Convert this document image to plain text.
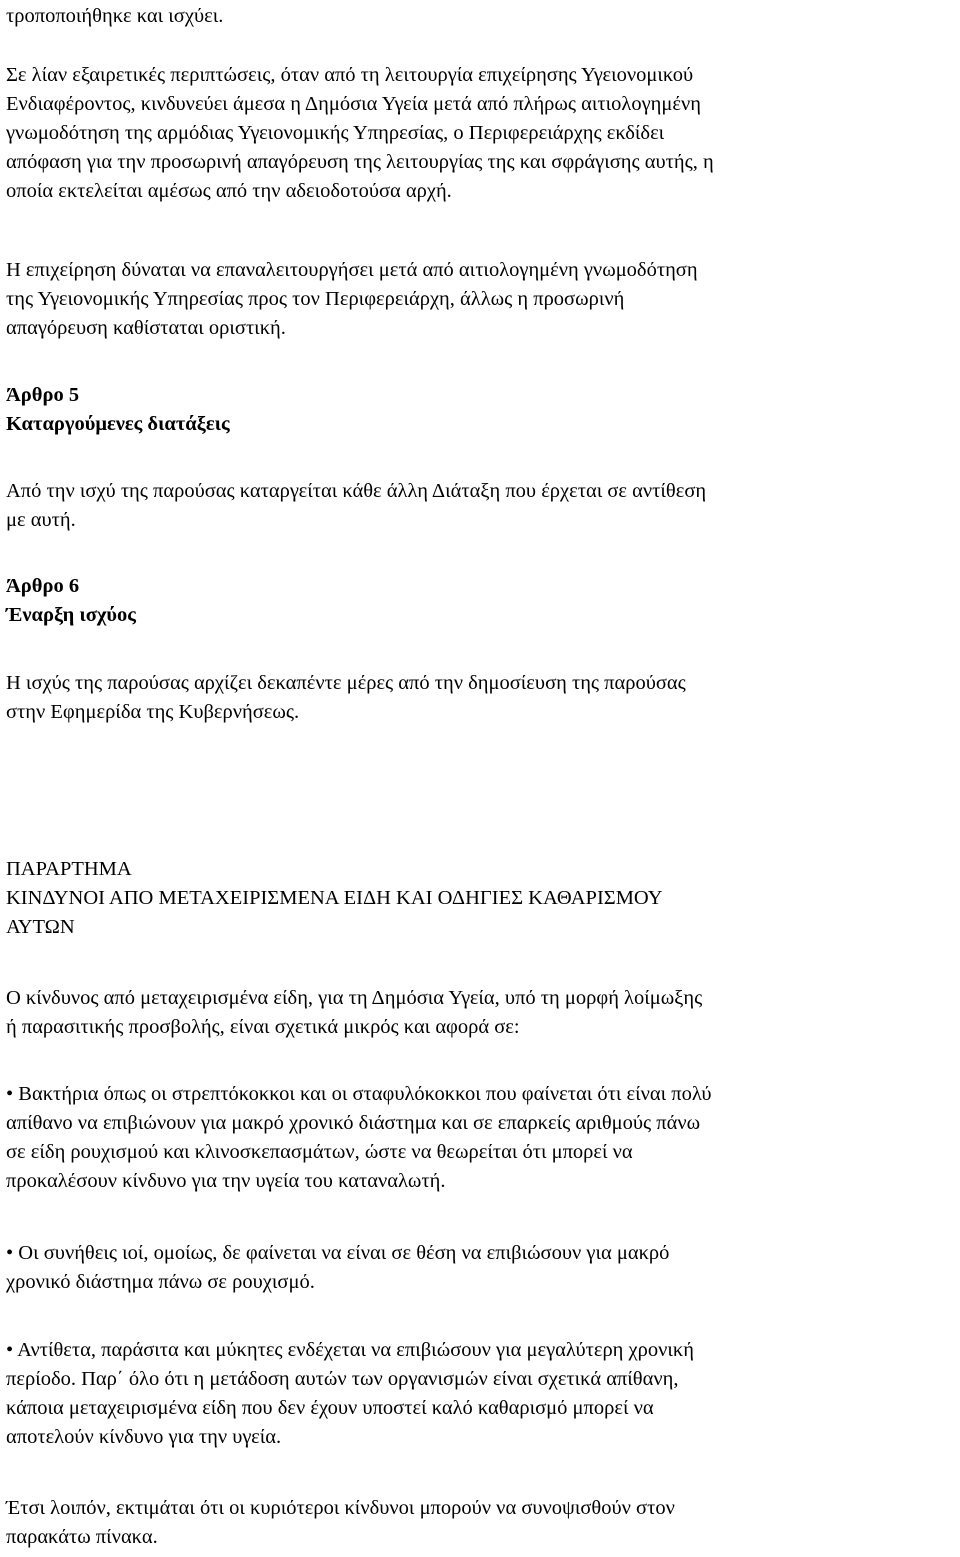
τροποποιήθηκε και ισχύει.

Σε λίαν εξαιρετικές περιπτώσεις, όταν από τη λειτουργία επιχείρησης Υγειονομικού
Ενδιαφέροντος, κινδυνεύει άμεσα η Δημόσια Υγεία μετά από πλήρως αιτιολογημένη
γνωμοδότηση της αρμόδιας Υγειονομικής Υπηρεσίας, ο Περιφερειάρχης εκδίδει
απόφαση για την προσωρινή απαγόρευση της λειτουργίας της και σφράγισης αυτής, η
οποία εκτελείται αμέσως από την αδειοδοτούσα αρχή.

Η επιχείρηση δύναται να επαναλειτουργήσει μετά από αιτιολογημένη γνωμοδότηση
της Υγειονομικής Υπηρεσίας προς τον Περιφερειάρχη, άλλως η προσωρινή
απαγόρευση καθίσταται οριστική.

Άρθρο 5
Καταργούμενες διατάξεις

Από την ισχύ της παρούσας καταργείται κάθε άλλη Διάταξη που έρχεται σε αντίθεση
με αυτή.

Άρθρο 6
Έναρξη ισχύος

Η ισχύς της παρούσας αρχίζει δεκαπέντε μέρες από την δημοσίευση της παρούσας
στην Εφημερίδα της Κυβερνήσεως.

ΠΑΡΑΡΤΗΜΑ
ΚΙΝΔΥΝΟΙ ΑΠΟ ΜΕΤΑΧΕΙΡΙΣΜΕΝΑ ΕΙΔΗ ΚΑΙ ΟΔΗΓΙΕΣ ΚΑΘΑΡΙΣΜΟΥ
ΑΥΤΩΝ

Ο κίνδυνος από μεταχειρισμένα είδη, για τη Δημόσια Υγεία, υπό τη μορφή λοίμωξης
ή παρασιτικής προσβολής, είναι σχετικά μικρός και αφορά σε:

• Βακτήρια όπως οι στρεπτόκοκκοι και οι σταφυλόκοκκοι που φαίνεται ότι είναι πολύ
απίθανο να επιβιώνουν για μακρό χρονικό διάστημα και σε επαρκείς αριθμούς πάνω
σε είδη ρουχισμού και κλινοσκεπασμάτων, ώστε να θεωρείται ότι μπορεί να
προκαλέσουν κίνδυνο για την υγεία του καταναλωτή.

• Οι συνήθεις ιοί, ομοίως, δε φαίνεται να είναι σε θέση να επιβιώσουν για μακρό
χρονικό διάστημα πάνω σε ρουχισμό.

• Αντίθετα, παράσιτα και μύκητες ενδέχεται να επιβιώσουν για μεγαλύτερη χρονική
περίοδο. Παρ΄ όλο ότι η μετάδοση αυτών των οργανισμών είναι σχετικά απίθανη,
κάποια μεταχειρισμένα είδη που δεν έχουν υποστεί καλό καθαρισμό μπορεί να
αποτελούν κίνδυνο για την υγεία.

Έτσι λοιπόν, εκτιμάται ότι οι κυριότεροι κίνδυνοι μπορούν να συνοψισθούν στον
παρακάτω πίνακα.
